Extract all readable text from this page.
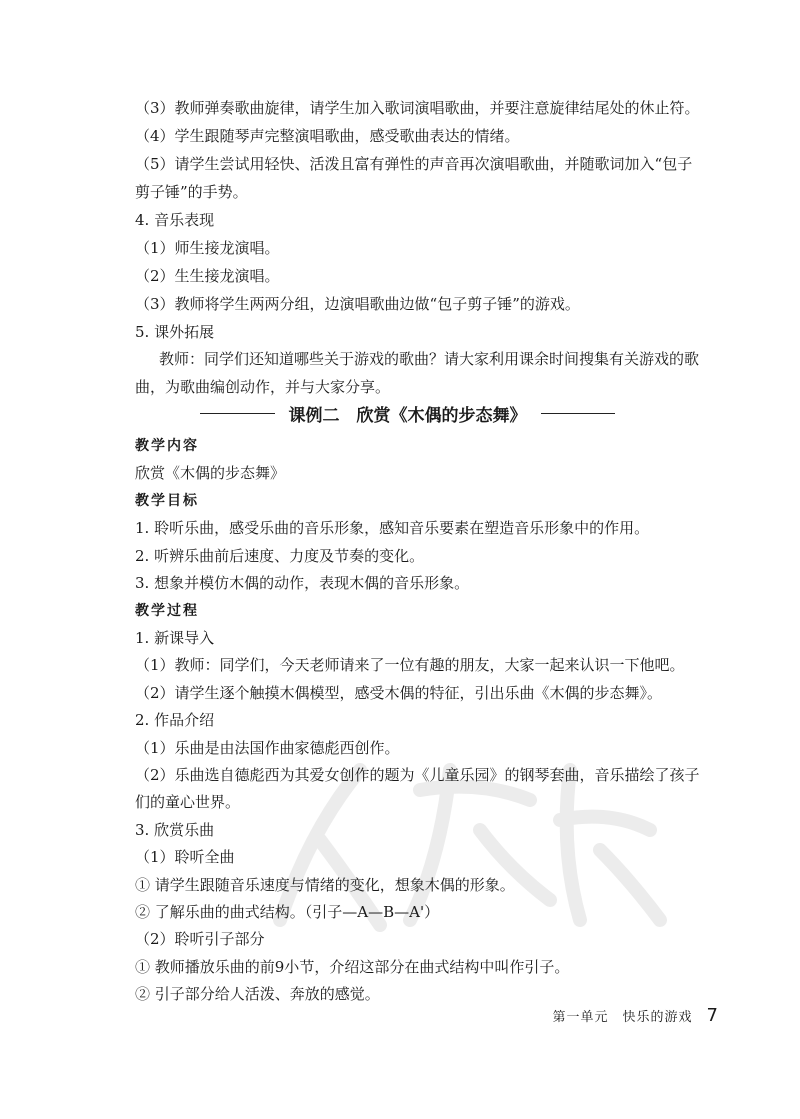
（3）教师弹奏歌曲旋律，请学生加入歌词演唱歌曲，并要注意旋律结尾处的休止符。
（4）学生跟随琴声完整演唱歌曲，感受歌曲表达的情绪。
（5）请学生尝试用轻快、活泼且富有弹性的声音再次演唱歌曲，并随歌词加入“包子
剪子锤”的手势。
4. 音乐表现
（1）师生接龙演唱。
（2）生生接龙演唱。
（3）教师将学生两两分组，边演唱歌曲边做“包子剪子锤”的游戏。
5. 课外拓展
教师：同学们还知道哪些关于游戏的歌曲？请大家利用课余时间搜集有关游戏的歌
曲，为歌曲编创动作，并与大家分享。
课例二　欣赏《木偶的步态舞》
教学内容
欣赏《木偶的步态舞》
教学目标
1. 聆听乐曲，感受乐曲的音乐形象，感知音乐要素在塑造音乐形象中的作用。
2. 听辨乐曲前后速度、力度及节奏的变化。
3. 想象并模仿木偶的动作，表现木偶的音乐形象。
教学过程
1. 新课导入
（1）教师：同学们，今天老师请来了一位有趣的朋友，大家一起来认识一下他吧。
（2）请学生逐个触摸木偶模型，感受木偶的特征，引出乐曲《木偶的步态舞》。
2. 作品介绍
（1）乐曲是由法国作曲家德彪西创作。
（2）乐曲选自德彪西为其爱女创作的题为《儿童乐园》的钢琴套曲，音乐描绘了孩子
们的童心世界。
3. 欣赏乐曲
（1）聆听全曲
① 请学生跟随音乐速度与情绪的变化，想象木偶的形象。
② 了解乐曲的曲式结构。（引子—A—B—A'）
（2）聆听引子部分
① 教师播放乐曲的前9小节，介绍这部分在曲式结构中叫作引子。
② 引子部分给人活泼、奔放的感觉。
第一单元　快乐的游戏 7
